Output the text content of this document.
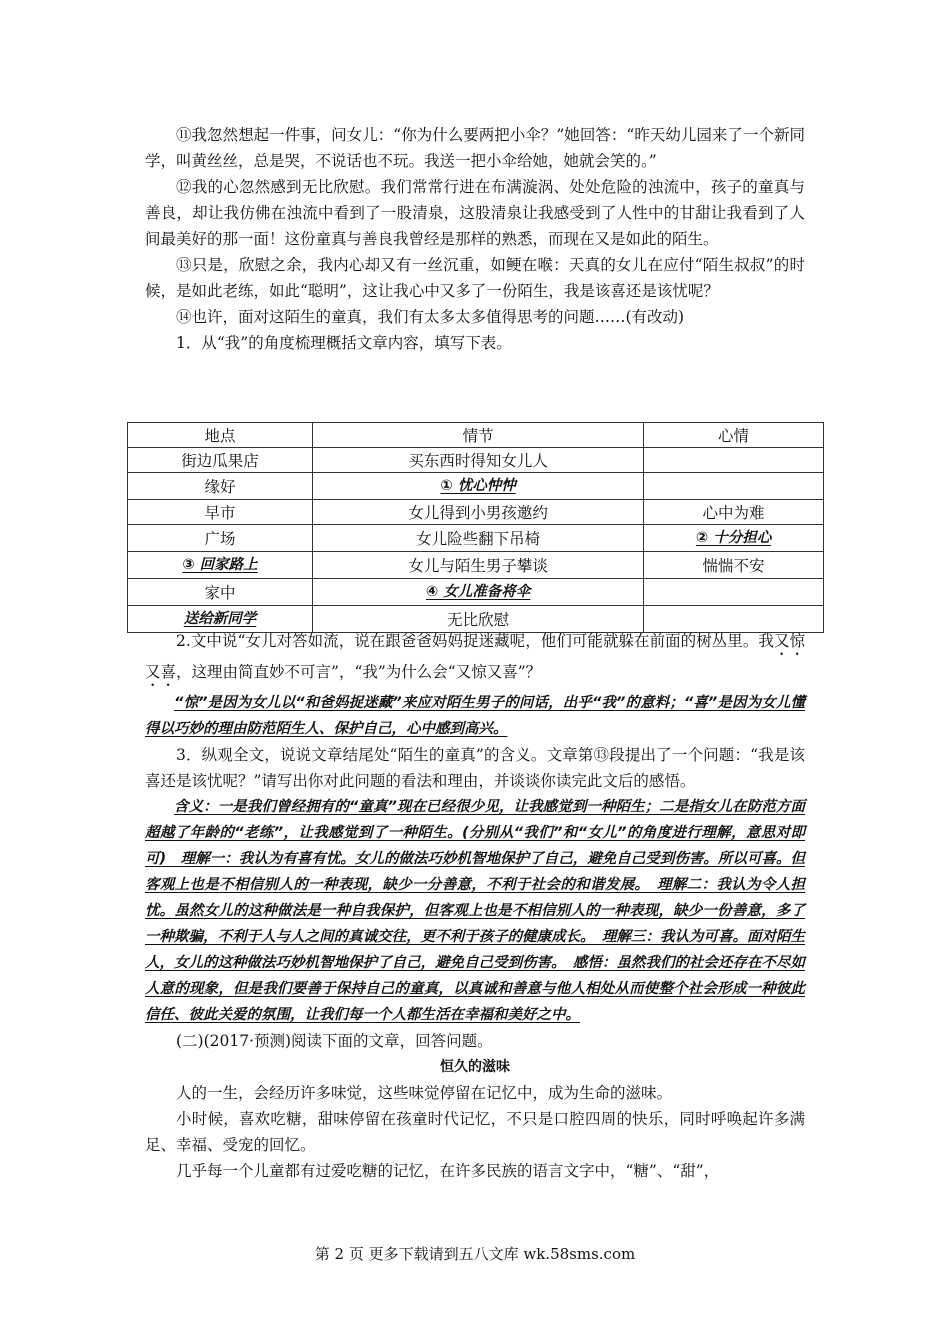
⑪我忽然想起一件事，问女儿：“你为什么要两把小伞？”她回答：“昨天幼儿园来了一个新同学，叫黄丝丝，总是哭，不说话也不玩。我送一把小伞给她，她就会笑的。”

⑫我的心忽然感到无比欣慰。我们常常行进在布满漩涡、处处危险的浊流中，孩子的童真与善良，却让我仿佛在浊流中看到了一股清泉，这股清泉让我感受到了人性中的甘甜让我看到了人间最美好的那一面！这份童真与善良我曾经是那样的熟悉，而现在又是如此的陌生。

⑬只是，欣慰之余，我内心却又有一丝沉重，如鲠在喉：天真的女儿在应付“陌生叔叔”的时候，是如此老练，如此“聪明”，这让我心中又多了一份陌生，我是该喜还是该忧呢？

⑭也许，面对这陌生的童真，我们有太多太多值得思考的问题……(有改动)

1．从“我”的角度梳理概括文章内容，填写下表。

地点	情节	心情
街边瓜果店	买东西时得知女儿人	
缘好	① 忧心忡忡	
早市	女儿得到小男孩邀约	心中为难
广场	女儿险些翻下吊椅	② 十分担心
③ 回家路上	女儿与陌生男子攀谈	惴惴不安
家中	④ 女儿准备将伞	
送给新同学	无比欣慰	

2.文中说“女儿对答如流，说在跟爸爸妈妈捉迷藏呢，他们可能就躲在前面的树丛里。我又惊又喜，这理由简直妙不可言”，“我”为什么会“又惊又喜”？

“惊”是因为女儿以“和爸妈捉迷藏”来应对陌生男子的问话，出乎“我”的意料；“喜”是因为女儿懂得以巧妙的理由防范陌生人、保护自己，心中感到高兴。

3．纵观全文，说说文章结尾处“陌生的童真”的含义。文章第⑬段提出了一个问题：“我是该喜还是该忧呢？”请写出你对此问题的看法和理由，并谈谈你读完此文后的感悟。

含义：一是我们曾经拥有的“童真”现在已经很少见，让我感觉到一种陌生；二是指女儿在防范方面超越了年龄的“老练”，让我感觉到了一种陌生。(分别从“我们”和“女儿”的角度进行理解，意思对即可)　理解一：我认为有喜有忧。女儿的做法巧妙机智地保护了自己，避免自己受到伤害。所以可喜。但客观上也是不相信别人的一种表现，缺少一分善意，不利于社会的和谐发展。　理解二：我认为令人担忧。虽然女儿的这种做法是一种自我保护，但客观上也是不相信别人的一种表现，缺少一份善意，多了一种欺骗，不利于人与人之间的真诚交往，更不利于孩子的健康成长。　理解三：我认为可喜。面对陌生人，女儿的这种做法巧妙机智地保护了自己，避免自己受到伤害。　感悟：虽然我们的社会还存在不尽如人意的现象，但是我们要善于保持自己的童真，以真诚和善意与他人相处从而使整个社会形成一种彼此信任、彼此关爱的氛围，让我们每一个人都生活在幸福和美好之中。

(二)(2017·预测)阅读下面的文章，回答问题。

恒久的滋味

人的一生，会经历许多味觉，这些味觉停留在记忆中，成为生命的滋味。

小时候，喜欢吃糖，甜味停留在孩童时代记忆，不只是口腔四周的快乐，同时呼唤起许多满足、幸福、受宠的回忆。

几乎每一个儿童都有过爱吃糖的记忆，在许多民族的语言文字中，“糖”、“甜”，

第 2 页 更多下载请到五八文库 wk.58sms.com
